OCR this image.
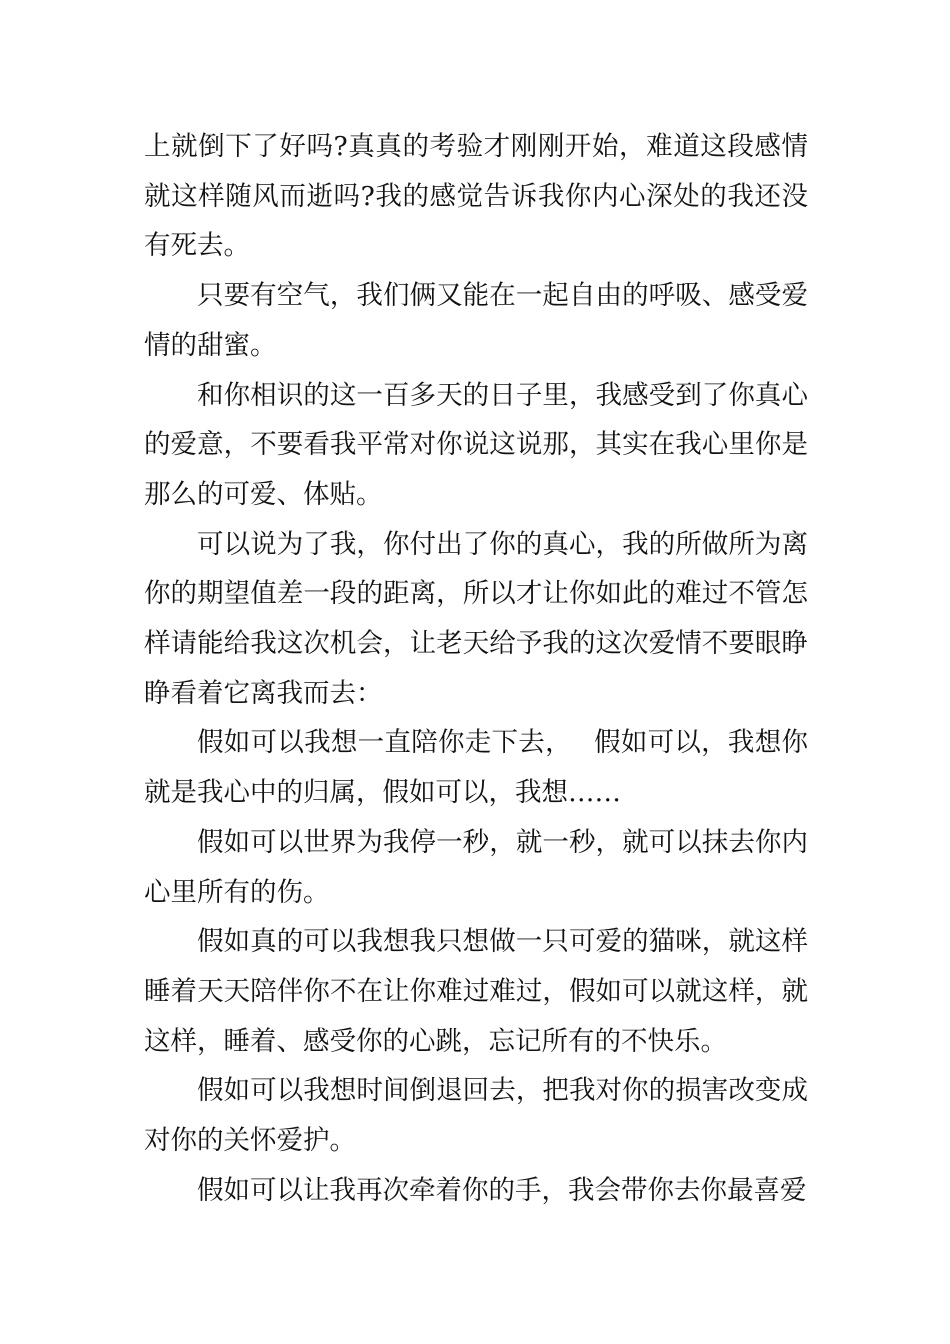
上就倒下了好吗?真真的考验才刚刚开始，难道这段感情就这样随风而逝吗?我的感觉告诉我你内心深处的我还没有死去。

只要有空气，我们俩又能在一起自由的呼吸、感受爱情的甜蜜。

和你相识的这一百多天的日子里，我感受到了你真心的爱意，不要看我平常对你说这说那，其实在我心里你是那么的可爱、体贴。

可以说为了我，你付出了你的真心，我的所做所为离你的期望值差一段的距离，所以才让你如此的难过不管怎样请能给我这次机会，让老天给予我的这次爱情不要眼睁睁看着它离我而去：

假如可以我想一直陪你走下去，　 假如可以，我想你就是我心中的归属，假如可以，我想……

假如可以世界为我停一秒，就一秒，就可以抹去你内心里所有的伤。

假如真的可以我想我只想做一只可爱的猫咪，就这样睡着天天陪伴你不在让你难过难过，假如可以就这样，就这样，睡着、感受你的心跳，忘记所有的不快乐。

假如可以我想时间倒退回去，把我对你的损害改变成对你的关怀爱护。

假如可以让我再次牵着你的手，我会带你去你最喜爱
